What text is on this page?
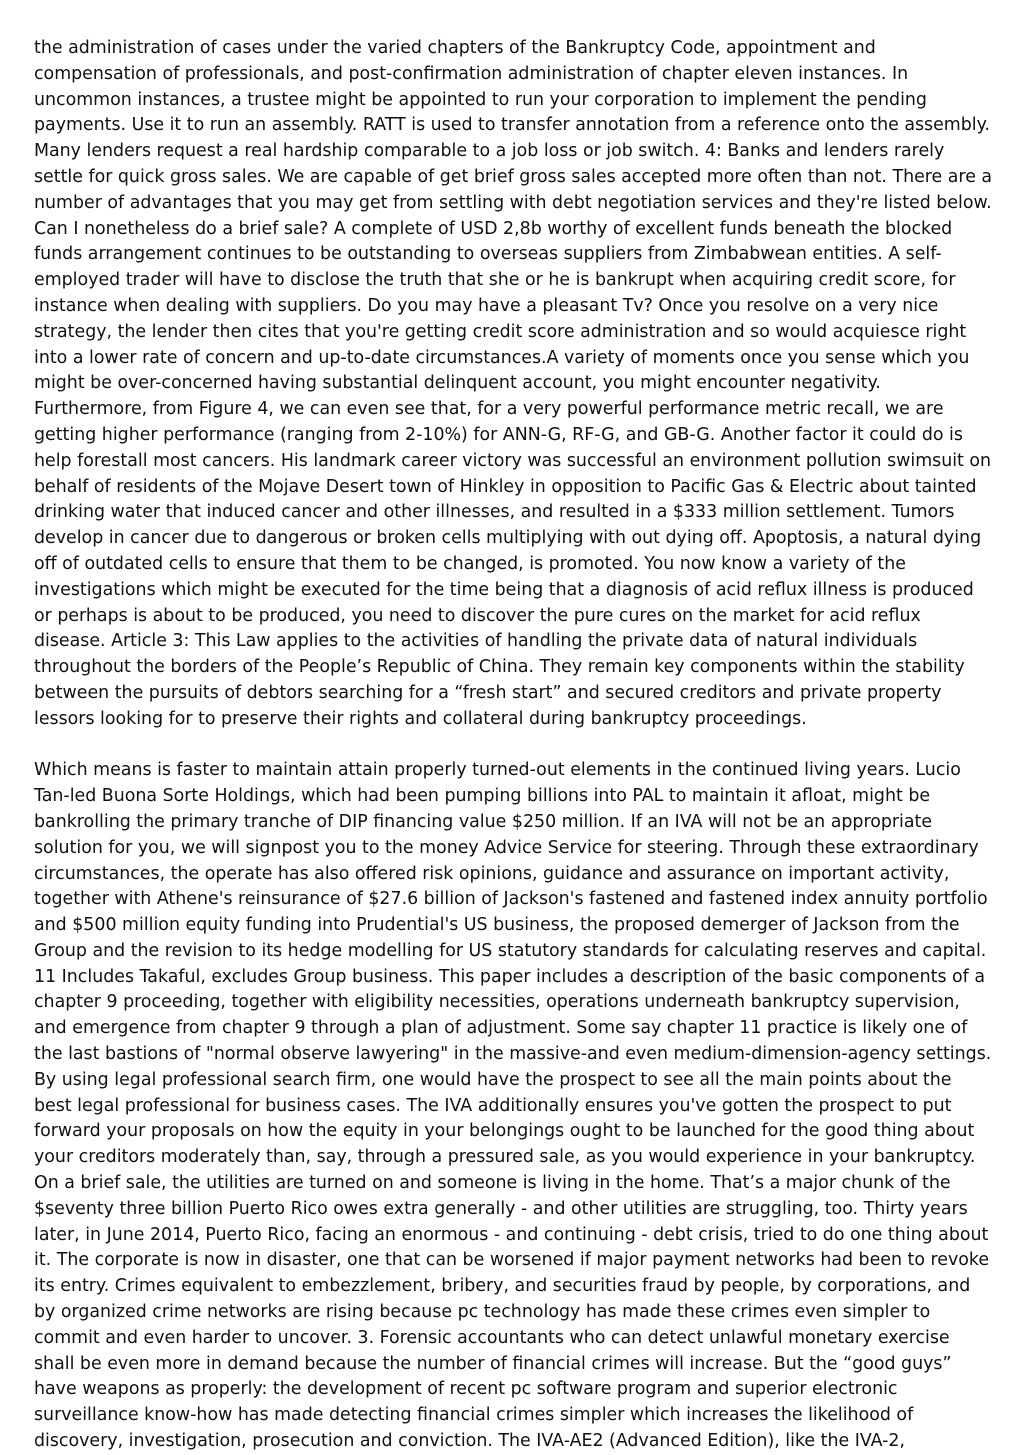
the administration of cases under the varied chapters of the Bankruptcy Code, appointment and compensation of professionals, and post-confirmation administration of chapter eleven instances. In uncommon instances, a trustee might be appointed to run your corporation to implement the pending payments. Use it to run an assembly. RATT is used to transfer annotation from a reference onto the assembly. Many lenders request a real hardship comparable to a job loss or job switch. 4: Banks and lenders rarely settle for quick gross sales. We are capable of get brief gross sales accepted more often than not. There are a number of advantages that you may get from settling with debt negotiation services and they're listed below. Can I nonetheless do a brief sale? A complete of USD 2,8b worthy of excellent funds beneath the blocked funds arrangement continues to be outstanding to overseas suppliers from Zimbabwean entities. A self-employed trader will have to disclose the truth that she or he is bankrupt when acquiring credit score, for instance when dealing with suppliers. Do you may have a pleasant Tv? Once you resolve on a very nice strategy, the lender then cites that you're getting credit score administration and so would acquiesce right into a lower rate of concern and up-to-date circumstances.A variety of moments once you sense which you might be over-concerned having substantial delinquent account, you might encounter negativity. Furthermore, from Figure 4, we can even see that, for a very powerful performance metric recall, we are getting higher performance (ranging from 2-10%) for ANN-G, RF-G, and GB-G. Another factor it could do is help forestall most cancers. His landmark career victory was successful an environment pollution swimsuit on behalf of residents of the Mojave Desert town of Hinkley in opposition to Pacific Gas & Electric about tainted drinking water that induced cancer and other illnesses, and resulted in a $333 million settlement. Tumors develop in cancer due to dangerous or broken cells multiplying with out dying off. Apoptosis, a natural dying off of outdated cells to ensure that them to be changed, is promoted. You now know a variety of the investigations which might be executed for the time being that a diagnosis of acid reflux illness is produced or perhaps is about to be produced, you need to discover the pure cures on the market for acid reflux disease. Article 3: This Law applies to the activities of handling the private data of natural individuals throughout the borders of the People’s Republic of China. They remain key components within the stability between the pursuits of debtors searching for a “fresh start” and secured creditors and private property lessors looking for to preserve their rights and collateral during bankruptcy proceedings.

Which means is faster to maintain attain properly turned-out elements in the continued living years. Lucio Tan-led Buona Sorte Holdings, which had been pumping billions into PAL to maintain it afloat, might be bankrolling the primary tranche of DIP financing value $250 million. If an IVA will not be an appropriate solution for you, we will signpost you to the money Advice Service for steering. Through these extraordinary circumstances, the operate has also offered risk opinions, guidance and assurance on important activity, together with Athene's reinsurance of $27.6 billion of Jackson's fastened and fastened index annuity portfolio and $500 million equity funding into Prudential's US business, the proposed demerger of Jackson from the Group and the revision to its hedge modelling for US statutory standards for calculating reserves and capital. 11 Includes Takaful, excludes Group business. This paper includes a description of the basic components of a chapter 9 proceeding, together with eligibility necessities, operations underneath bankruptcy supervision, and emergence from chapter 9 through a plan of adjustment. Some say chapter 11 practice is likely one of the last bastions of "normal observe lawyering" in the massive-and even medium-dimension-agency settings. By using legal professional search firm, one would have the prospect to see all the main points about the best legal professional for business cases. The IVA additionally ensures you've gotten the prospect to put forward your proposals on how the equity in your belongings ought to be launched for the good thing about your creditors moderately than, say, through a pressured sale, as you would experience in your bankruptcy. On a brief sale, the utilities are turned on and someone is living in the home. That’s a major chunk of the $seventy three billion Puerto Rico owes extra generally - and other utilities are struggling, too. Thirty years later, in June 2014, Puerto Rico, facing an enormous - and continuing - debt crisis, tried to do one thing about it. The corporate is now in disaster, one that can be worsened if major payment networks had been to revoke its entry. Crimes equivalent to embezzlement, bribery, and securities fraud by people, by corporations, and by organized crime networks are rising because pc technology has made these crimes even simpler to commit and even harder to uncover. 3. Forensic accountants who can detect unlawful monetary exercise shall be even more in demand because the number of financial crimes will increase. But the “good guys” have weapons as properly: the development of recent pc software program and superior electronic surveillance know-how has made detecting financial crimes simpler which increases the likelihood of discovery, investigation, prosecution and conviction. The IVA-AE2 (Advanced Edition), like the IVA-2,
